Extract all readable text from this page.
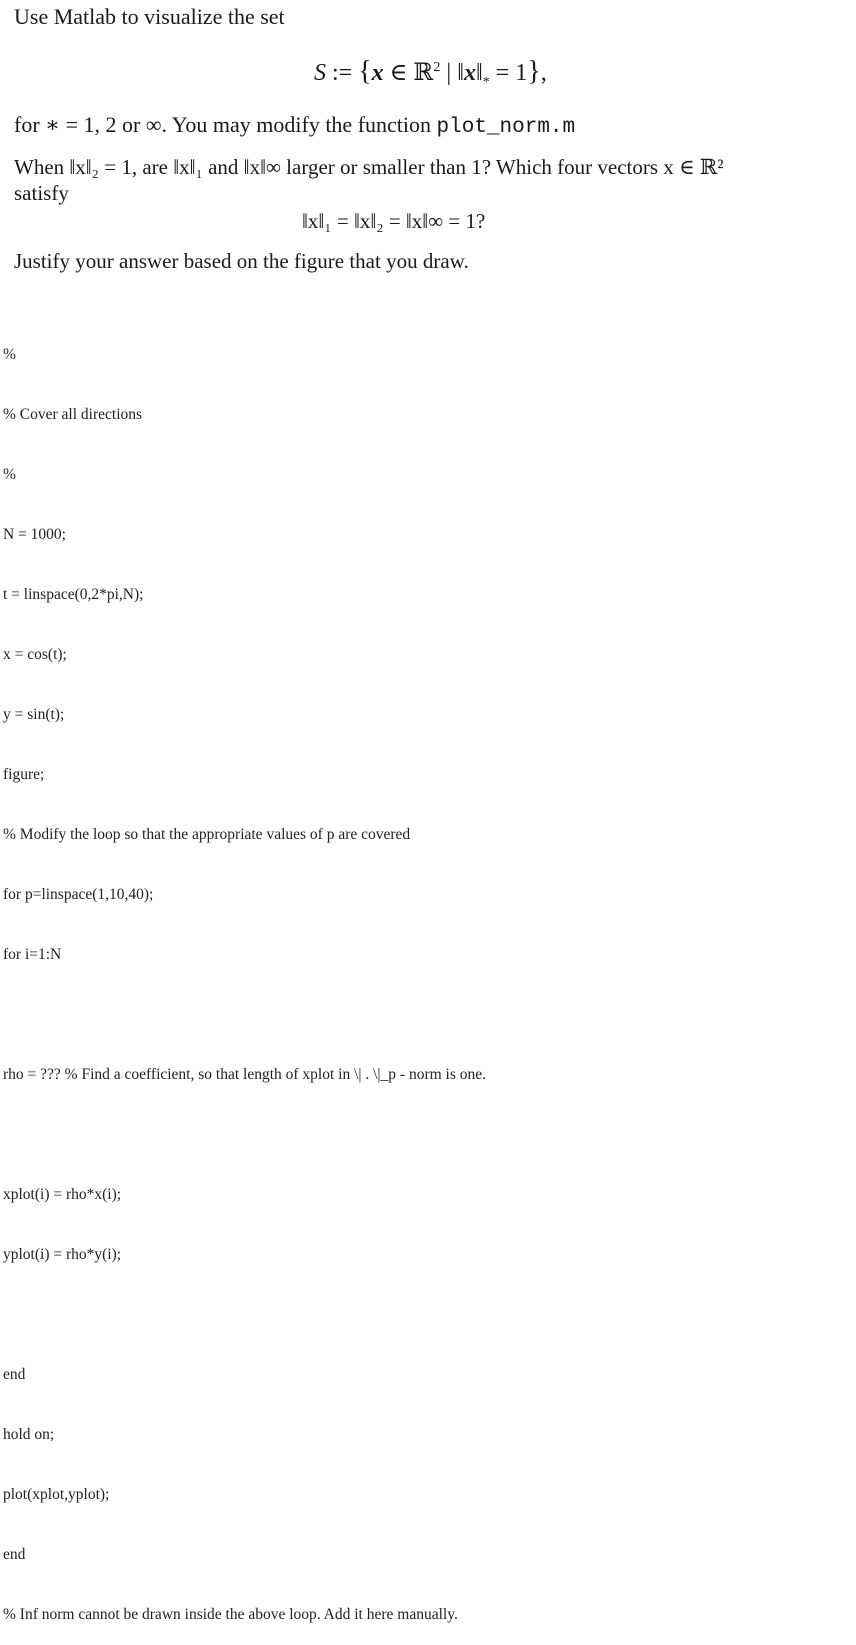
Use Matlab to visualize the set
S := {x ∈ ℝ$^2$ | $‖x‖_* = 1$},
for ∗ = 1, 2 or ∞. You may modify the function plot_norm.m
When ‖x‖₂ = 1, are ‖x‖₁ and ‖x‖∞ larger or smaller than 1? Which four vectors x ∈ ℝ²
satisfy
‖x‖₁ = ‖x‖₂ = ‖x‖∞ = 1?
Justify your answer based on the figure that you draw.

%

% Cover all directions

%

N = 1000;

t = linspace(0,2*pi,N);

x = cos(t);

y = sin(t);

figure;

% Modify the loop so that the appropriate values of p are covered

for p=linspace(1,10,40);

for i=1:N

rho = ??? % Find a coefficient, so that length of xplot in \| . \|_p - norm is one.

xplot(i) = rho*x(i);

yplot(i) = rho*y(i);

end

hold on;

plot(xplot,yplot);

end

% Inf norm cannot be drawn inside the above loop. Add it here manually.
